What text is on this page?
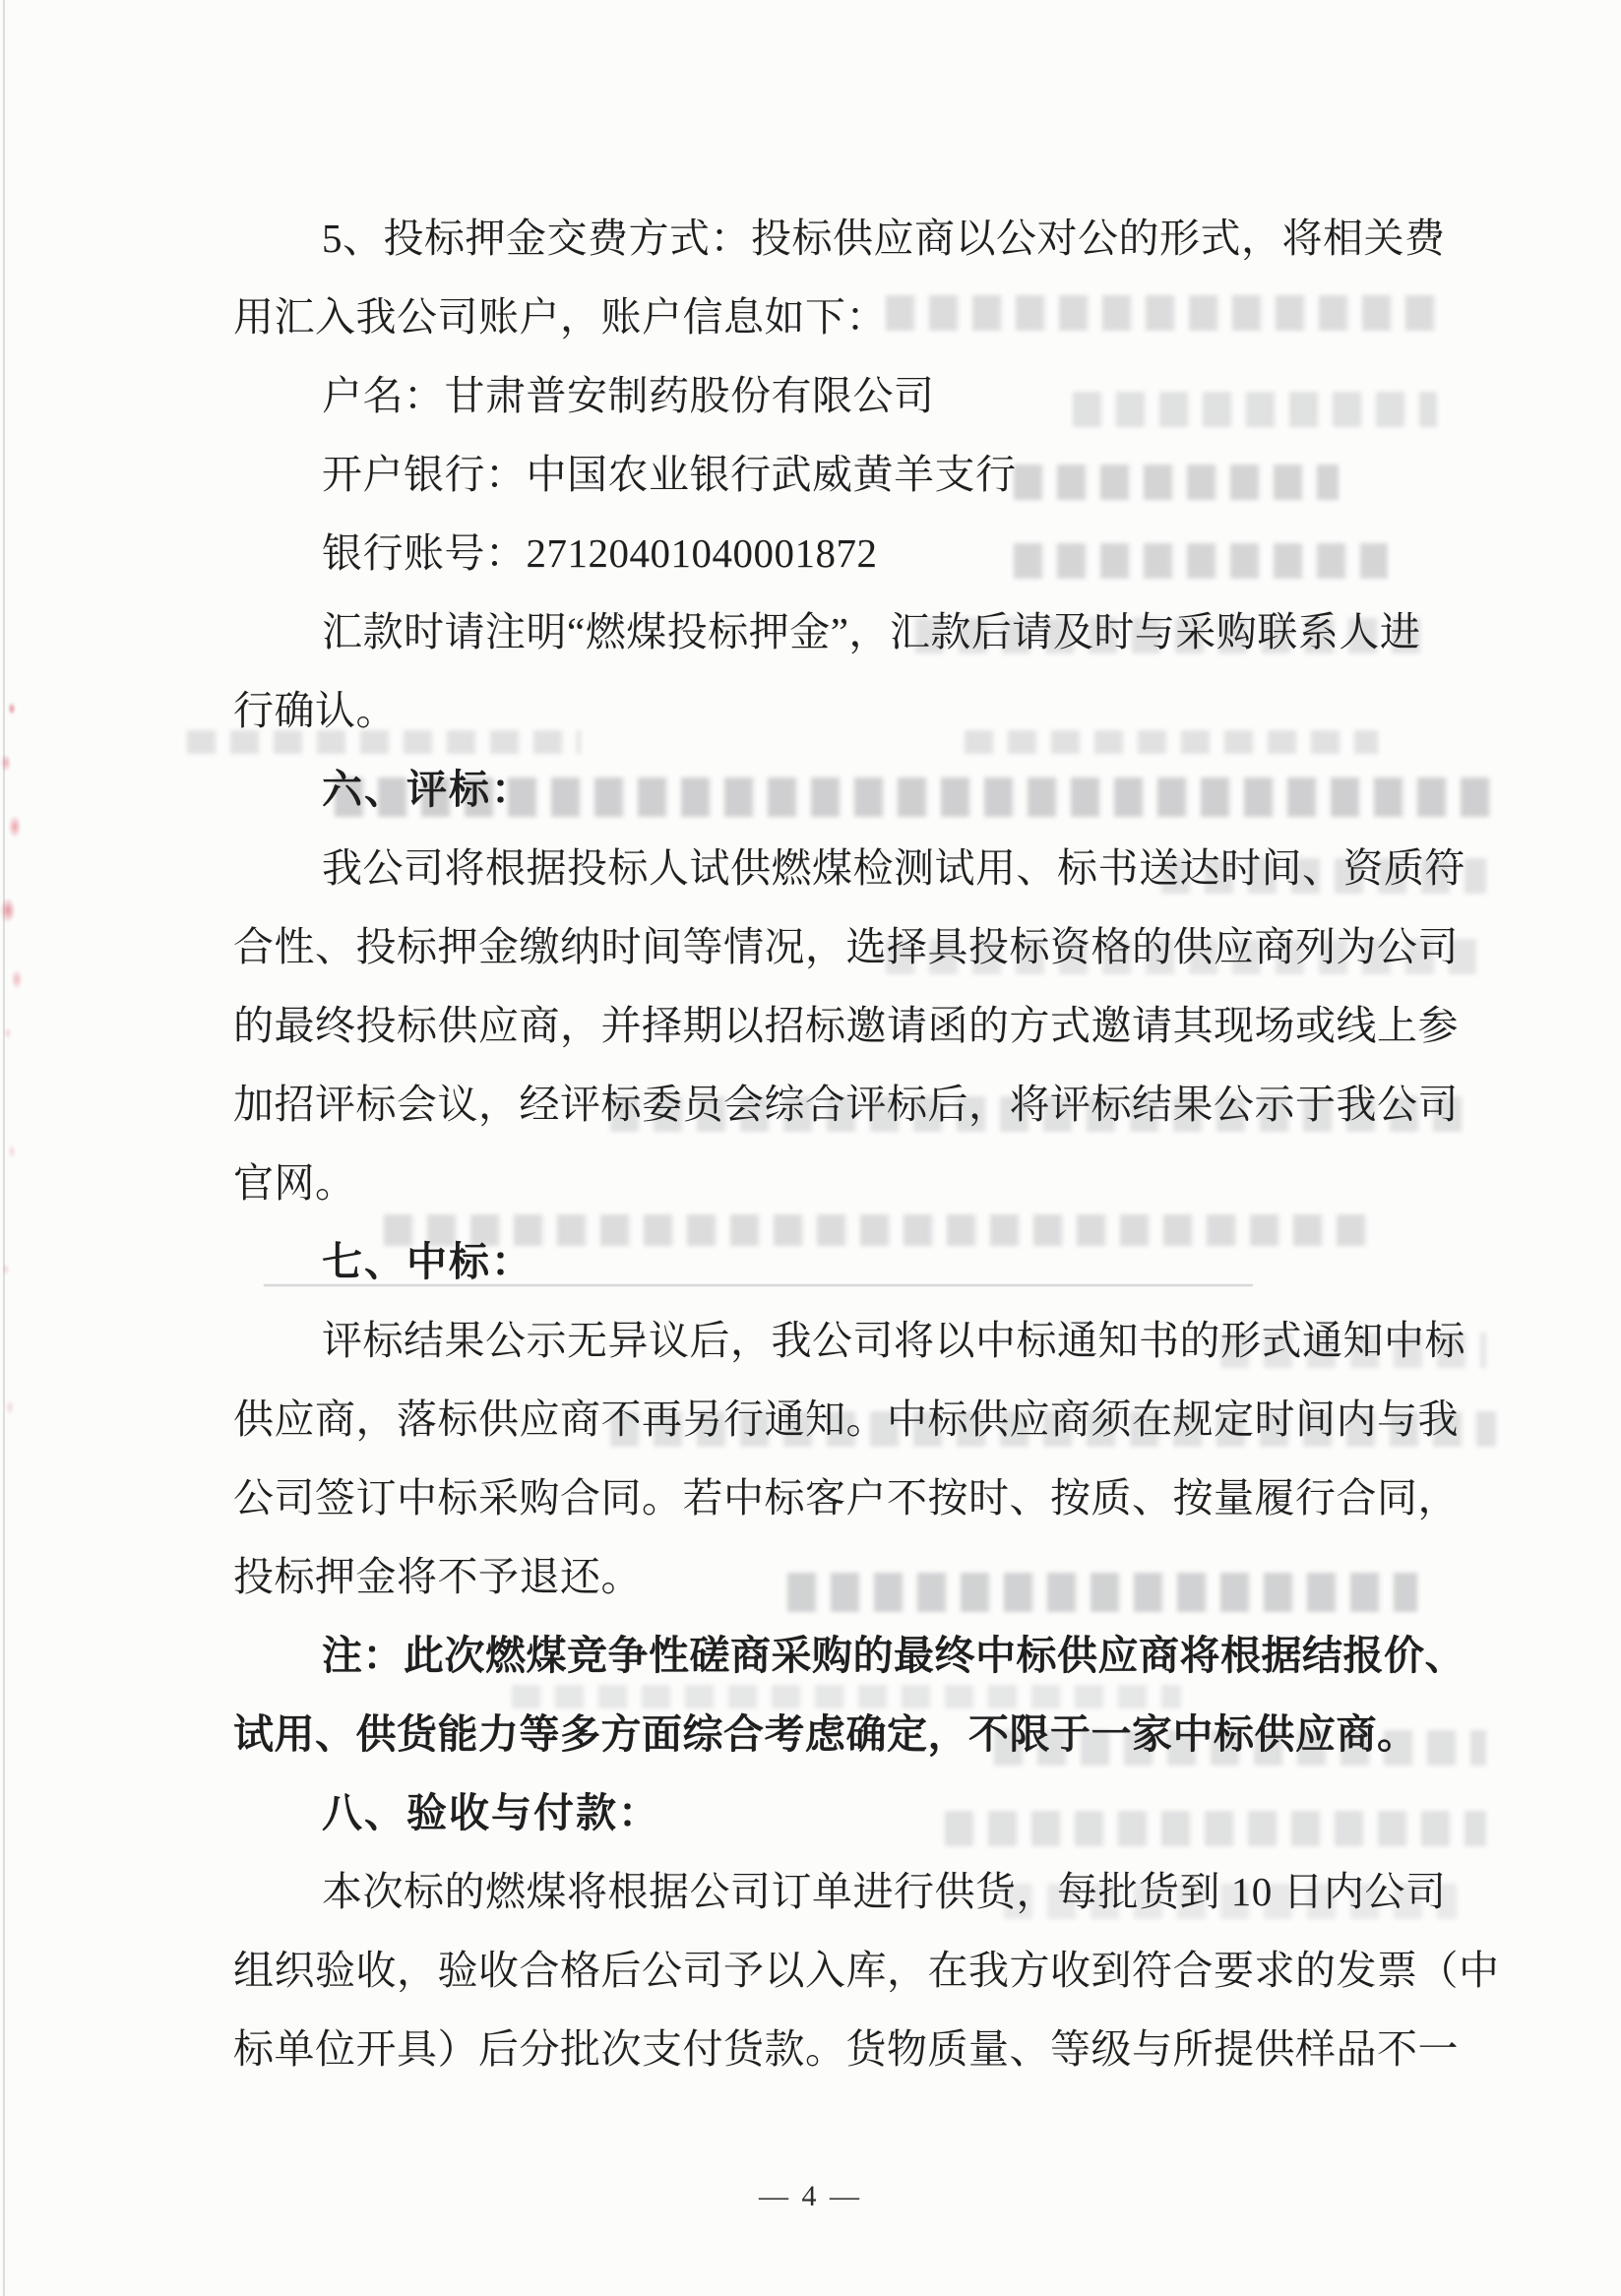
5、投标押金交费方式：投标供应商以公对公的形式，将相关费
用汇入我公司账户，账户信息如下：
户名：甘肃普安制药股份有限公司
开户银行：中国农业银行武威黄羊支行
银行账号：27120401040001872
汇款时请注明“燃煤投标押金”，汇款后请及时与采购联系人进
行确认。
六、评标：
我公司将根据投标人试供燃煤检测试用、标书送达时间、资质符
合性、投标押金缴纳时间等情况，选择具投标资格的供应商列为公司
的最终投标供应商，并择期以招标邀请函的方式邀请其现场或线上参
加招评标会议，经评标委员会综合评标后，将评标结果公示于我公司
官网。
七、中标：
评标结果公示无异议后，我公司将以中标通知书的形式通知中标
供应商，落标供应商不再另行通知。中标供应商须在规定时间内与我
公司签订中标采购合同。若中标客户不按时、按质、按量履行合同，
投标押金将不予退还。
注：此次燃煤竞争性磋商采购的最终中标供应商将根据结报价、
试用、供货能力等多方面综合考虑确定，不限于一家中标供应商。
八、验收与付款：
本次标的燃煤将根据公司订单进行供货，每批货到 10 日内公司
组织验收，验收合格后公司予以入库，在我方收到符合要求的发票（中
标单位开具）后分批次支付货款。货物质量、等级与所提供样品不一
— 4 —
